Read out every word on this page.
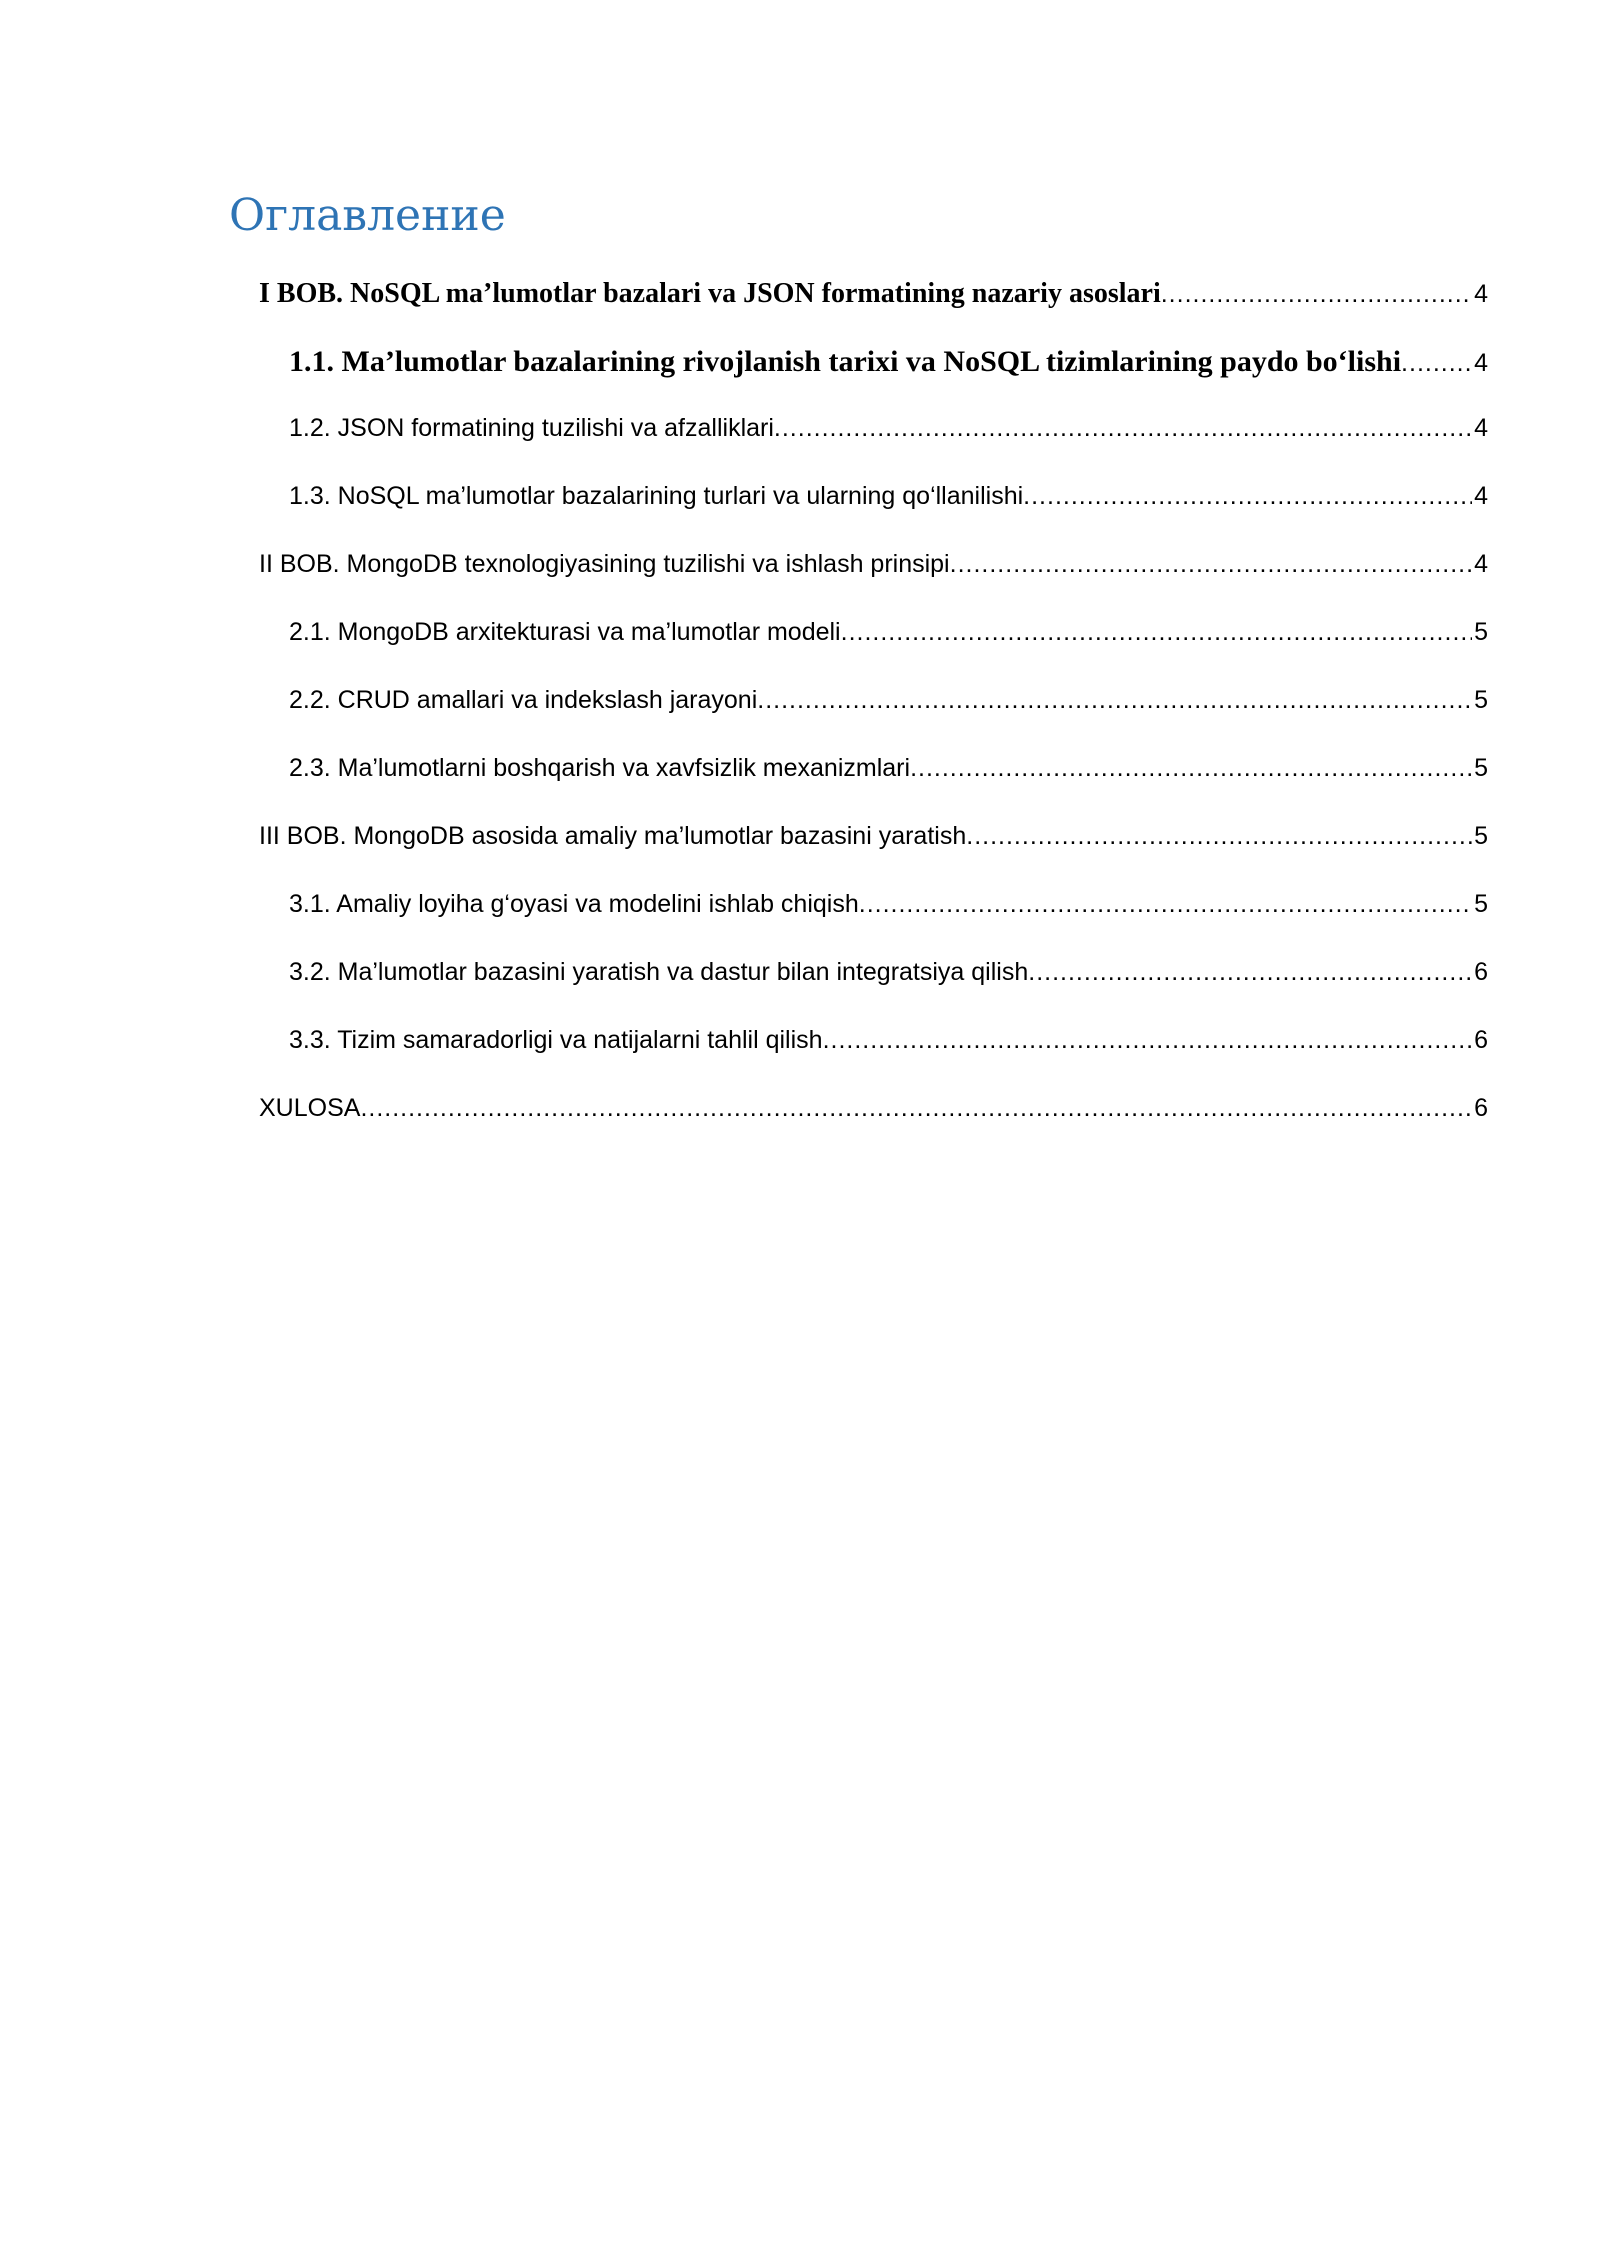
Оглавление
I BOB. NoSQL ma’lumotlar bazalari va JSON formatining nazariy asoslari .....	4
1.1. Ma’lumotlar bazalarining rivojlanish tarixi va NoSQL tizimlarining paydo bo‘lishi .....	4
1.2. JSON formatining tuzilishi va afzalliklari .....	4
1.3. NoSQL ma’lumotlar bazalarining turlari va ularning qo‘llanilishi .....	4
II BOB. MongoDB texnologiyasining tuzilishi va ishlash prinsipi .....	4
2.1. MongoDB arxitekturasi va ma’lumotlar modeli .....	5
2.2. CRUD amallari va indekslash jarayoni .....	5
2.3. Ma’lumotlarni boshqarish va xavfsizlik mexanizmlari .....	5
III BOB. MongoDB asosida amaliy ma’lumotlar bazasini yaratish .....	5
3.1. Amaliy loyiha g‘oyasi va modelini ishlab chiqish .....	5
3.2. Ma’lumotlar bazasini yaratish va dastur bilan integratsiya qilish .....	6
3.3. Tizim samaradorligi va natijalarni tahlil qilish .....	6
XULOSA .....	6
